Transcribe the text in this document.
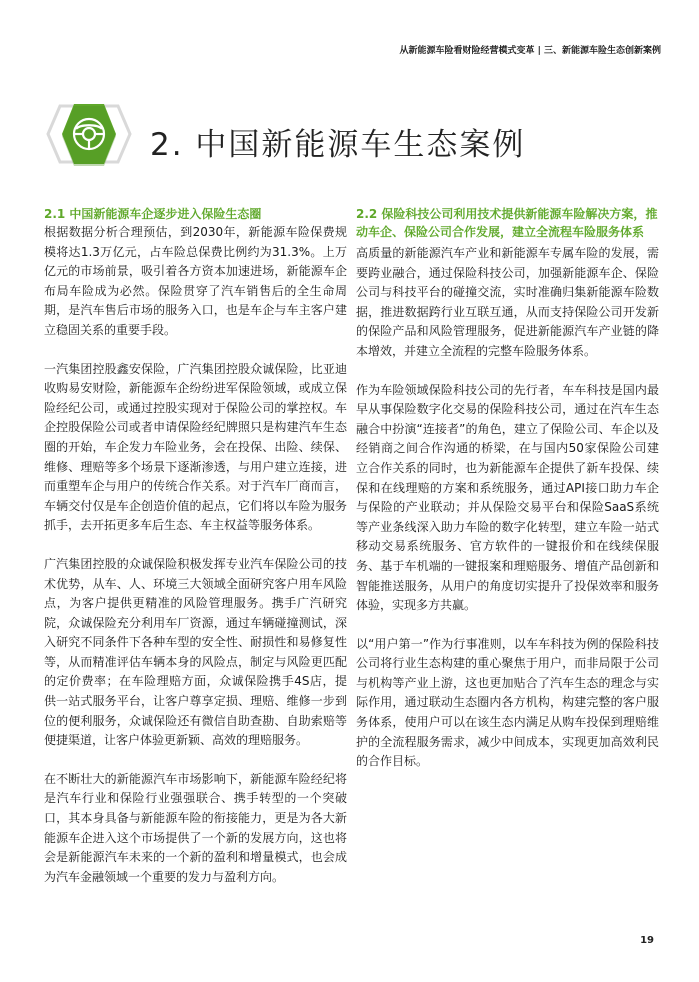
从新能源车险看财险经营模式变革 | 三、新能源车险生态创新案例
2. 中国新能源车生态案例

2.1 中国新能源车企逐步进入保险生态圈

根据数据分析合理预估，到2030年，新能源车险保费规模将达1.3万亿元，占车险总保费比例约为31.3%。上万亿元的市场前景，吸引着各方资本加速进场，新能源车企布局车险成为必然。保险贯穿了汽车销售后的全生命周期，是汽车售后市场的服务入口，也是车企与车主客户建立稳固关系的重要手段。

一汽集团控股鑫安保险，广汽集团控股众诚保险，比亚迪收购易安财险，新能源车企纷纷进军保险领域，或成立保险经纪公司，或通过控股实现对于保险公司的掌控权。车企控股保险公司或者申请保险经纪牌照只是构建汽车生态圈的开始，车企发力车险业务，会在投保、出险、续保、维修、理赔等多个场景下逐渐渗透，与用户建立连接，进而重塑车企与用户的传统合作关系。对于汽车厂商而言，车辆交付仅是车企创造价值的起点，它们将以车险为服务抓手，去开拓更多车后生态、车主权益等服务体系。

广汽集团控股的众诚保险积极发挥专业汽车保险公司的技术优势，从车、人、环境三大领域全面研究客户用车风险点，为客户提供更精准的风险管理服务。携手广汽研究院，众诚保险充分利用车厂资源，通过车辆碰撞测试，深入研究不同条件下各种车型的安全性、耐损性和易修复性等，从而精准评估车辆本身的风险点，制定与风险更匹配的定价费率；在车险理赔方面，众诚保险携手4S店，提供一站式服务平台，让客户尊享定损、理赔、维修一步到位的便利服务，众诚保险还有微信自助查勘、自助索赔等便捷渠道，让客户体验更新颖、高效的理赔服务。

在不断壮大的新能源汽车市场影响下，新能源车险经纪将是汽车行业和保险行业强强联合、携手转型的一个突破口，其本身具备与新能源车险的衔接能力，更是为各大新能源车企进入这个市场提供了一个新的发展方向，这也将会是新能源汽车未来的一个新的盈利和增量模式，也会成为汽车金融领域一个重要的发力与盈利方向。

2.2 保险科技公司利用技术提供新能源车险解决方案，推动车企、保险公司合作发展，建立全流程车险服务体系

高质量的新能源汽车产业和新能源车专属车险的发展，需要跨业融合，通过保险科技公司，加强新能源车企、保险公司与科技平台的碰撞交流，实时准确归集新能源车险数据，推进数据跨行业互联互通，从而支持保险公司开发新的保险产品和风险管理服务，促进新能源汽车产业链的降本增效，并建立全流程的完整车险服务体系。

作为车险领域保险科技公司的先行者，车车科技是国内最早从事保险数字化交易的保险科技公司，通过在汽车生态融合中扮演“连接者”的角色，建立了保险公司、车企以及经销商之间合作沟通的桥梁，在与国内50家保险公司建立合作关系的同时，也为新能源车企提供了新车投保、续保和在线理赔的方案和系统服务，通过API接口助力车企与保险的产业联动；并从保险交易平台和保险SaaS系统等产业条线深入助力车险的数字化转型，建立车险一站式移动交易系统服务、官方软件的一键报价和在线续保服务、基于车机端的一键报案和理赔服务、增值产品创新和智能推送服务，从用户的角度切实提升了投保效率和服务体验，实现多方共赢。

以“用户第一”作为行事准则，以车车科技为例的保险科技公司将行业生态构建的重心聚焦于用户，而非局限于公司与机构等产业上游，这也更加贴合了汽车生态的理念与实际作用，通过联动生态圈内各方机构，构建完整的客户服务体系，使用户可以在该生态内满足从购车投保到理赔维护的全流程服务需求，减少中间成本，实现更加高效利民的合作目标。

19
